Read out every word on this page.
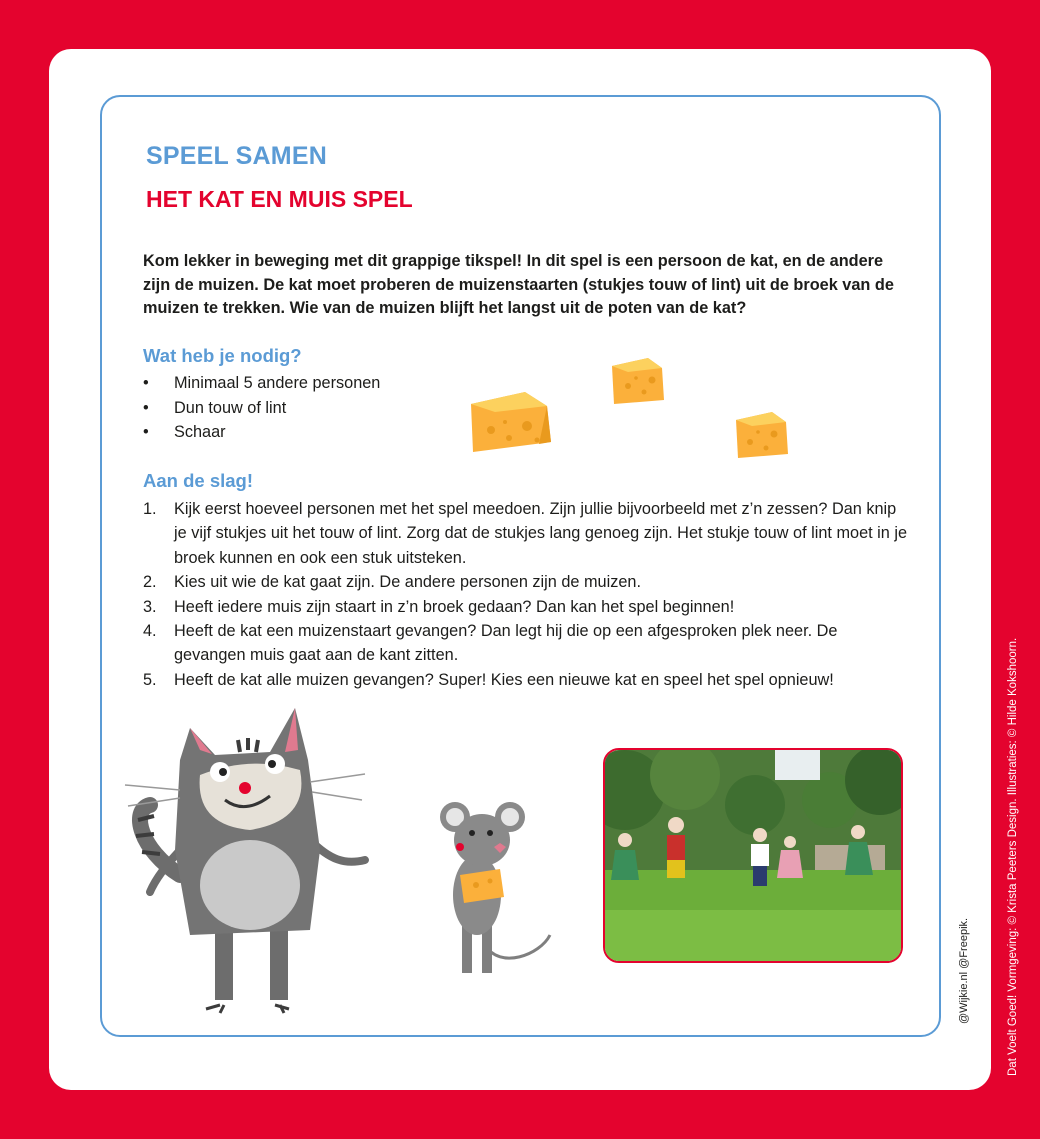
SPEEL SAMEN
HET KAT EN MUIS SPEL

Kom lekker in beweging met dit grappige tikspel! In dit spel is een persoon de kat, en de andere zijn de muizen. De kat moet proberen de muizenstaarten (stukjes touw of lint) uit de broek van de muizen te trekken. Wie van de muizen blijft het langst uit de poten van de kat?

Wat heb je nodig?
•	Minimaal 5 andere personen
•	Dun touw of lint
•	Schaar
Aan de slag!
1.	Kijk eerst hoeveel personen met het spel meedoen. Zijn jullie bijvoorbeeld met z’n zessen? Dan knip je vijf stukjes uit het touw of lint. Zorg dat de stukjes lang genoeg zijn. Het stukje touw of lint moet in je broek kunnen en ook een stuk uitsteken.
2.	Kies uit wie de kat gaat zijn. De andere personen zijn de muizen.
3.	Heeft iedere muis zijn staart in z’n broek gedaan? Dan kan het spel beginnen!
4.	Heeft de kat een muizenstaart gevangen? Dan legt hij die op een afgesproken plek neer. De gevangen muis gaat aan de kant zitten.
5.	Heeft de kat alle muizen gevangen? Super! Kies een nieuwe kat en speel het spel opnieuw!
@Wijkie.nl @Freepik.	Dat Voelt Goed! Vormgeving: © Krista Peeters Design. Illustraties: © Hilde Kokshoorn.
